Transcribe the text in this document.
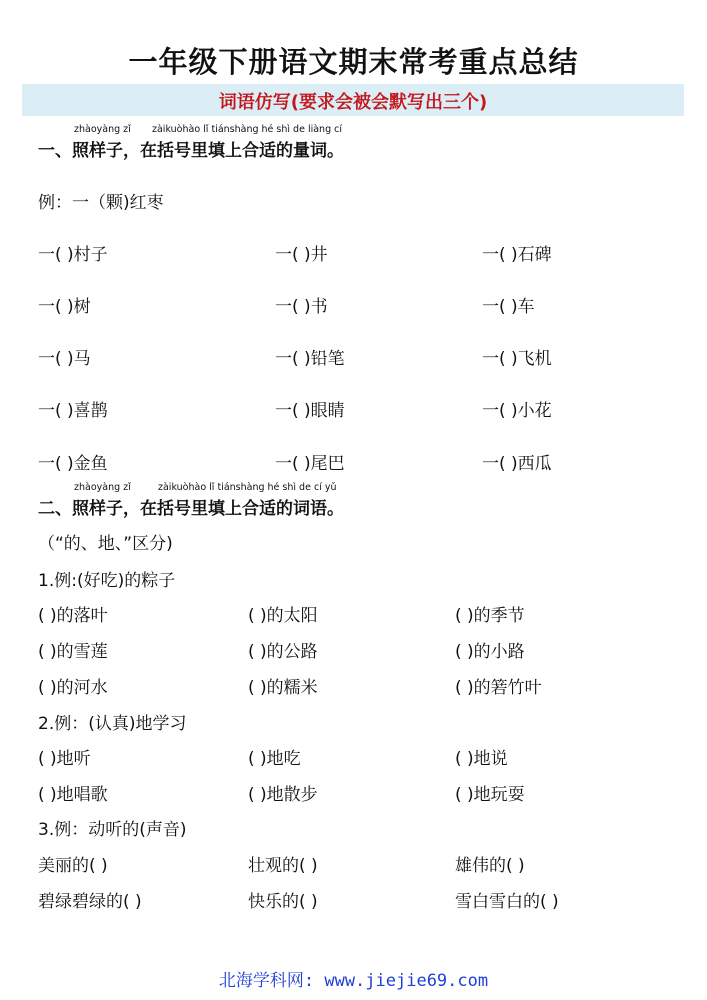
一年级下册语文期末常考重点总结
词语仿写(要求会被会默写出三个)
zhàoyàng zǐ zàikuòhào lǐ tiánshàng hé shì de liàng cí
一、照样子，在括号里填上合适的量词。
例：一（颗)红枣
一( )村子	一( )井	一( )石碑
一( )树	一( )书	一( )车
一( )马	一( )铅笔	一( )飞机
一( )喜鹊	一( )眼睛	一( )小花
一( )金鱼	一( )尾巴	一( )西瓜
zhàoyàng zǐ	zàikuòhào lǐ tiánshàng hé shì de cí yǔ
二、照样子，在括号里填上合适的词语。
（“的、地、”区分)
1.例:(好吃)的粽子
( )的落叶	( )的太阳	( )的季节
( )的雪莲	( )的公路	( )的小路
( )的河水	( )的糯米	( )的箬竹叶
2.例：(认真)地学习
( )地听	( )地吃	( )地说
( )地唱歌	( )地散步	( )地玩耍
3.例：动听的(声音)
美丽的( )	壮观的( )	雄伟的( )
碧绿碧绿的( )	快乐的( )	雪白雪白的( )
北海学科网: www.jiejie69.com
